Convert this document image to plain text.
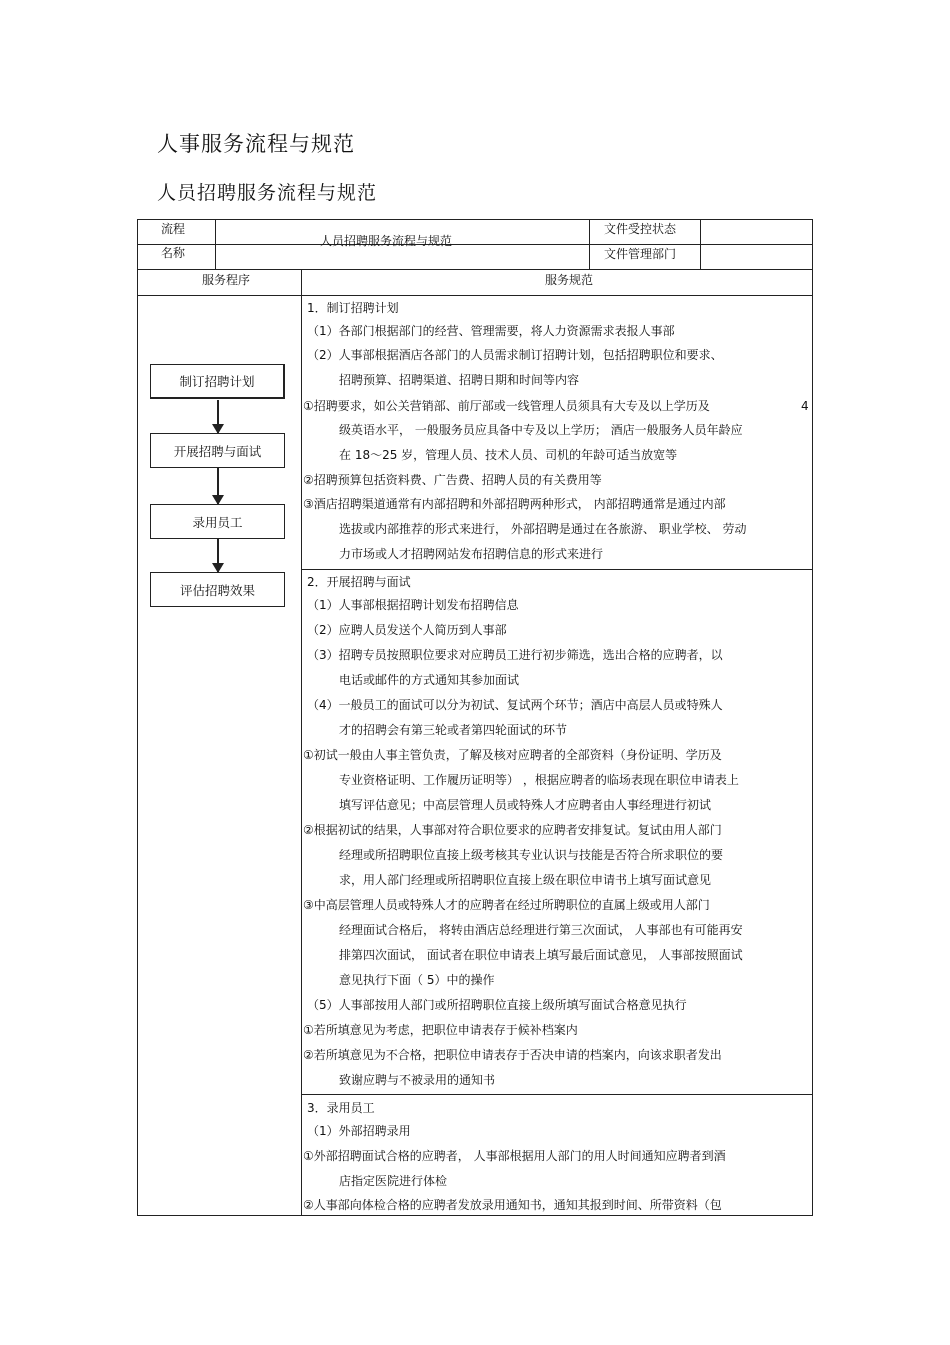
人事服务流程与规范
人员招聘服务流程与规范
流程
名称
人员招聘服务流程与规范
文件受控状态
文件管理部门
服务程序	服务规范
制订招聘计划
开展招聘与面试
录用员工
评估招聘效果
1．制订招聘计划
（1）各部门根据部门的经营、管理需要，将人力资源需求表报人事部
（2）人事部根据酒店各部门的人员需求制订招聘计划，包括招聘职位和要求、
招聘预算、招聘渠道、招聘日期和时间等内容
①招聘要求，如公关营销部、前厅部或一线管理人员须具有大专及以上学历及	4
级英语水平， 一般服务员应具备中专及以上学历； 酒店一般服务人员年龄应
在 18～25 岁，管理人员、技术人员、司机的年龄可适当放宽等
②招聘预算包括资料费、广告费、招聘人员的有关费用等
③酒店招聘渠道通常有内部招聘和外部招聘两种形式， 内部招聘通常是通过内部
选拔或内部推荐的形式来进行， 外部招聘是通过在各旅游、 职业学校、 劳动
力市场或人才招聘网站发布招聘信息的形式来进行
2．开展招聘与面试
（1）人事部根据招聘计划发布招聘信息
（2）应聘人员发送个人简历到人事部
（3）招聘专员按照职位要求对应聘员工进行初步筛选，选出合格的应聘者，以
电话或邮件的方式通知其参加面试
（4）一般员工的面试可以分为初试、复试两个环节；酒店中高层人员或特殊人
才的招聘会有第三轮或者第四轮面试的环节
①初试一般由人事主管负责，了解及核对应聘者的全部资料（身份证明、学历及
专业资格证明、工作履历证明等） ，根据应聘者的临场表现在职位申请表上
填写评估意见；中高层管理人员或特殊人才应聘者由人事经理进行初试
②根据初试的结果，人事部对符合职位要求的应聘者安排复试。复试由用人部门
经理或所招聘职位直接上级考核其专业认识与技能是否符合所求职位的要
求，用人部门经理或所招聘职位直接上级在职位申请书上填写面试意见
③中高层管理人员或特殊人才的应聘者在经过所聘职位的直属上级或用人部门
经理面试合格后， 将转由酒店总经理进行第三次面试， 人事部也有可能再安
排第四次面试， 面试者在职位申请表上填写最后面试意见， 人事部按照面试
意见执行下面（ 5）中的操作
（5）人事部按用人部门或所招聘职位直接上级所填写面试合格意见执行
①若所填意见为考虑，把职位申请表存于候补档案内
②若所填意见为不合格，把职位申请表存于否决申请的档案内，向该求职者发出
致谢应聘与不被录用的通知书
3．录用员工
（1）外部招聘录用
①外部招聘面试合格的应聘者， 人事部根据用人部门的用人时间通知应聘者到酒
店指定医院进行体检
②人事部向体检合格的应聘者发放录用通知书，通知其报到时间、所带资料（包
